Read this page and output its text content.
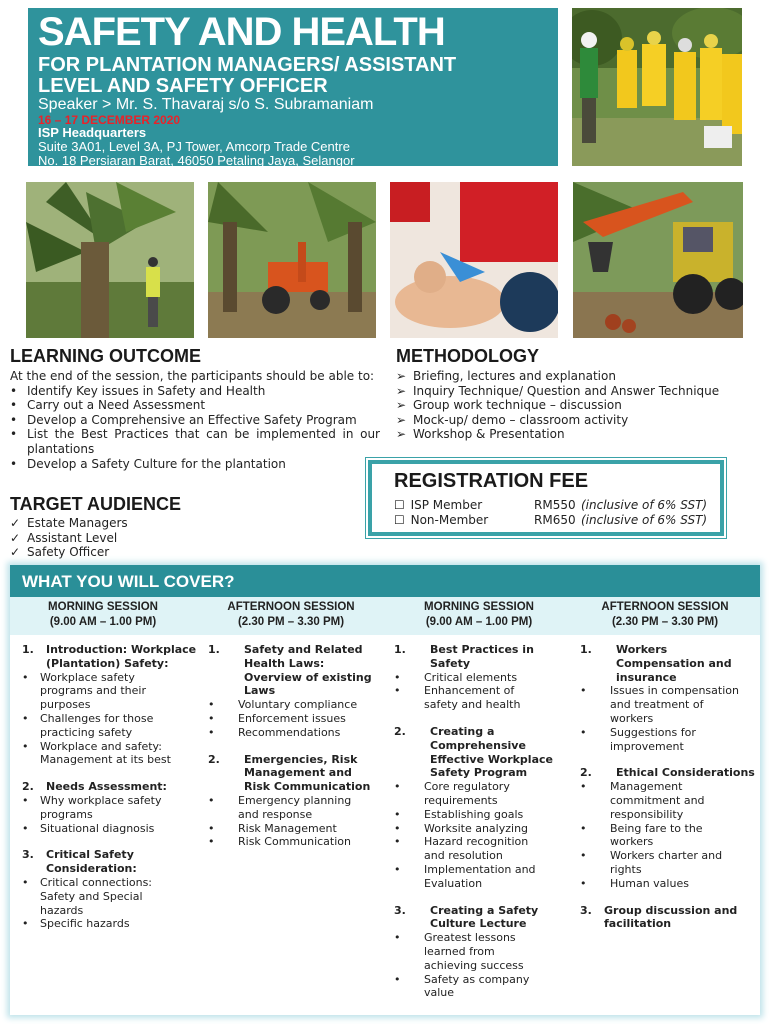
SAFETY AND HEALTH
FOR PLANTATION MANAGERS/ ASSISTANT
LEVEL AND SAFETY OFFICER
Speaker > Mr. S. Thavaraj s/o S. Subramaniam
16 – 17 DECEMBER 2020
ISP Headquarters
Suite 3A01, Level 3A, PJ Tower, Amcorp Trade Centre
No. 18 Persiaran Barat, 46050 Petaling Jaya, Selangor
LEARNING OUTCOME
At the end of the session, the participants should be able to:
• Identify Key issues in Safety and Health
• Carry out a Need Assessment
• Develop a Comprehensive an Effective Safety Program
• List the Best Practices that can be implemented in our plantations
• Develop a Safety Culture for the plantation
TARGET AUDIENCE
✓ Estate Managers
✓ Assistant Level
✓ Safety Officer
METHODOLOGY
➢ Briefing, lectures and explanation
➢ Inquiry Technique/ Question and Answer Technique
➢ Group work technique – discussion
➢ Mock-up/ demo – classroom activity
➢ Workshop & Presentation
REGISTRATION FEE
☐ ISP Member	RM550 (inclusive of 6% SST)
☐ Non-Member	RM650 (inclusive of 6% SST)
WHAT YOU WILL COVER?
MORNING SESSION
(9.00 AM – 1.00 PM)
AFTERNOON SESSION
(2.30 PM – 3.30 PM)
MORNING SESSION
(9.00 AM – 1.00 PM)
AFTERNOON SESSION
(2.30 PM – 3.30 PM)
1. Introduction: Workplace
(Plantation) Safety:
• Workplace safety
programs and their
purposes
• Challenges for those
practicing safety
• Workplace and safety:
Management at its best
2. Needs Assessment:
• Why workplace safety
programs
• Situational diagnosis
3. Critical Safety
Consideration:
• Critical connections:
Safety and Special
hazards
• Specific hazards
1. Safety and Related
Health Laws:
Overview of existing
Laws
• Voluntary compliance
• Enforcement issues
• Recommendations
2. Emergencies, Risk
Management and
Risk Communication
• Emergency planning
and response
• Risk Management
• Risk Communication
1. Best Practices in
Safety
• Critical elements
• Enhancement of
safety and health
2. Creating a
Comprehensive
Effective Workplace
Safety Program
• Core regulatory
requirements
• Establishing goals
• Worksite analyzing
• Hazard recognition
and resolution
• Implementation and
Evaluation
3. Creating a Safety
Culture Lecture
• Greatest lessons
learned from
achieving success
• Safety as company
value
1. Workers
Compensation and
insurance
• Issues in compensation
and treatment of
workers
• Suggestions for
improvement
2. Ethical Considerations
• Management
commitment and
responsibility
• Being fare to the
workers
• Workers charter and
rights
• Human values
3. Group discussion and
facilitation
